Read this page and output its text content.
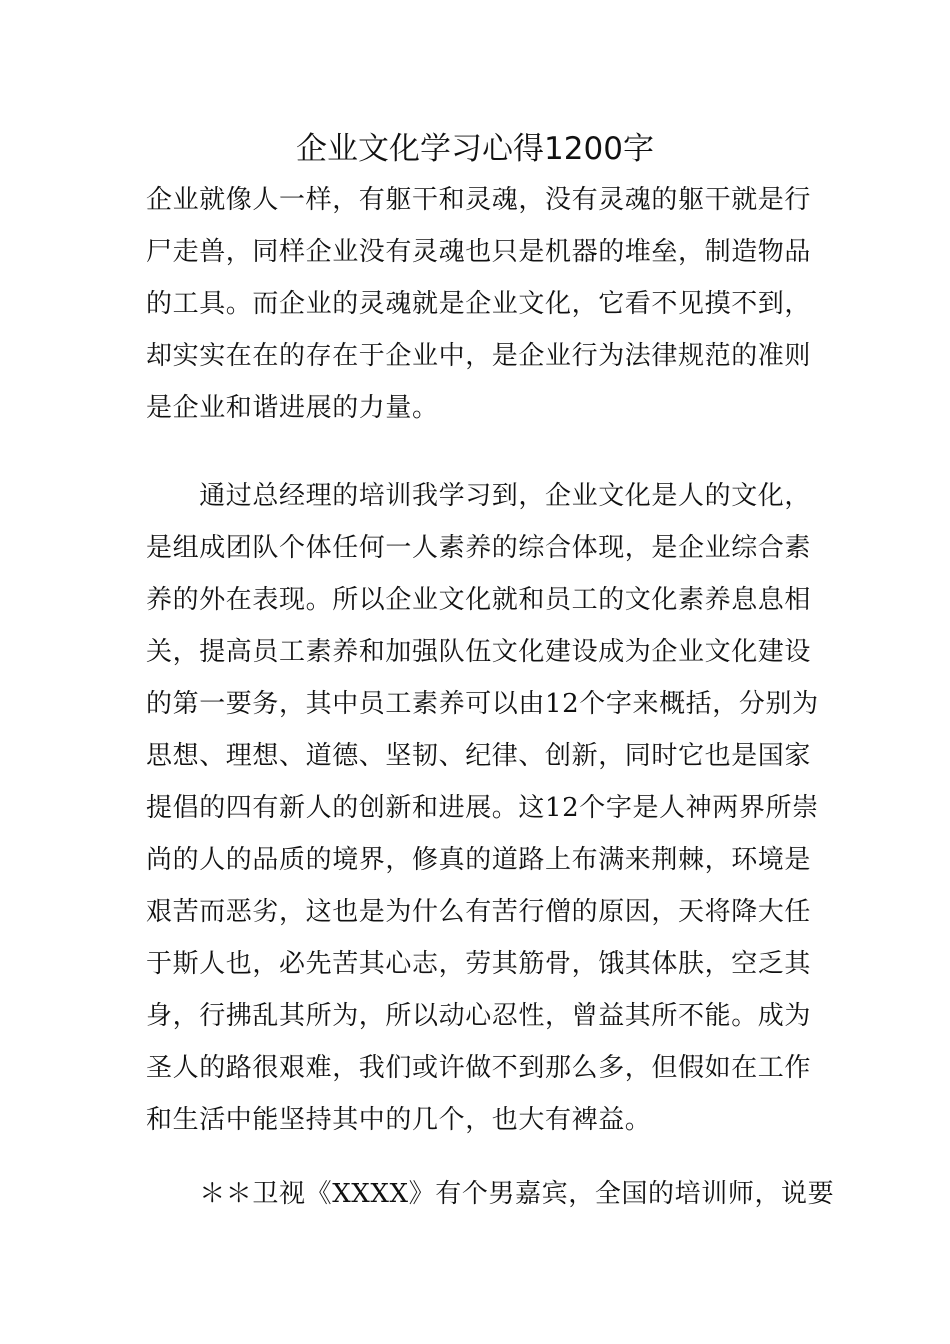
企业文化学习心得1200字
企业就像人一样，有躯干和灵魂，没有灵魂的躯干就是行
尸走兽，同样企业没有灵魂也只是机器的堆垒，制造物品
的工具。而企业的灵魂就是企业文化，它看不见摸不到，
却实实在在的存在于企业中，是企业行为法律规范的准则
是企业和谐进展的力量。
　　通过总经理的培训我学习到，企业文化是人的文化，
是组成团队个体任何一人素养的综合体现，是企业综合素
养的外在表现。所以企业文化就和员工的文化素养息息相
关，提高员工素养和加强队伍文化建设成为企业文化建设
的第一要务，其中员工素养可以由12个字来概括，分别为
思想、理想、道德、坚韧、纪律、创新，同时它也是国家
提倡的四有新人的创新和进展。这12个字是人神两界所崇
尚的人的品质的境界，修真的道路上布满来荆棘，环境是
艰苦而恶劣，这也是为什么有苦行僧的原因，天将降大任
于斯人也，必先苦其心志，劳其筋骨，饿其体肤，空乏其
身，行拂乱其所为，所以动心忍性，曾益其所不能。成为
圣人的路很艰难，我们或许做不到那么多，但假如在工作
和生活中能坚持其中的几个，也大有裨益。
　　＊＊卫视《XXXX》有个男嘉宾，全国的培训师，说要
